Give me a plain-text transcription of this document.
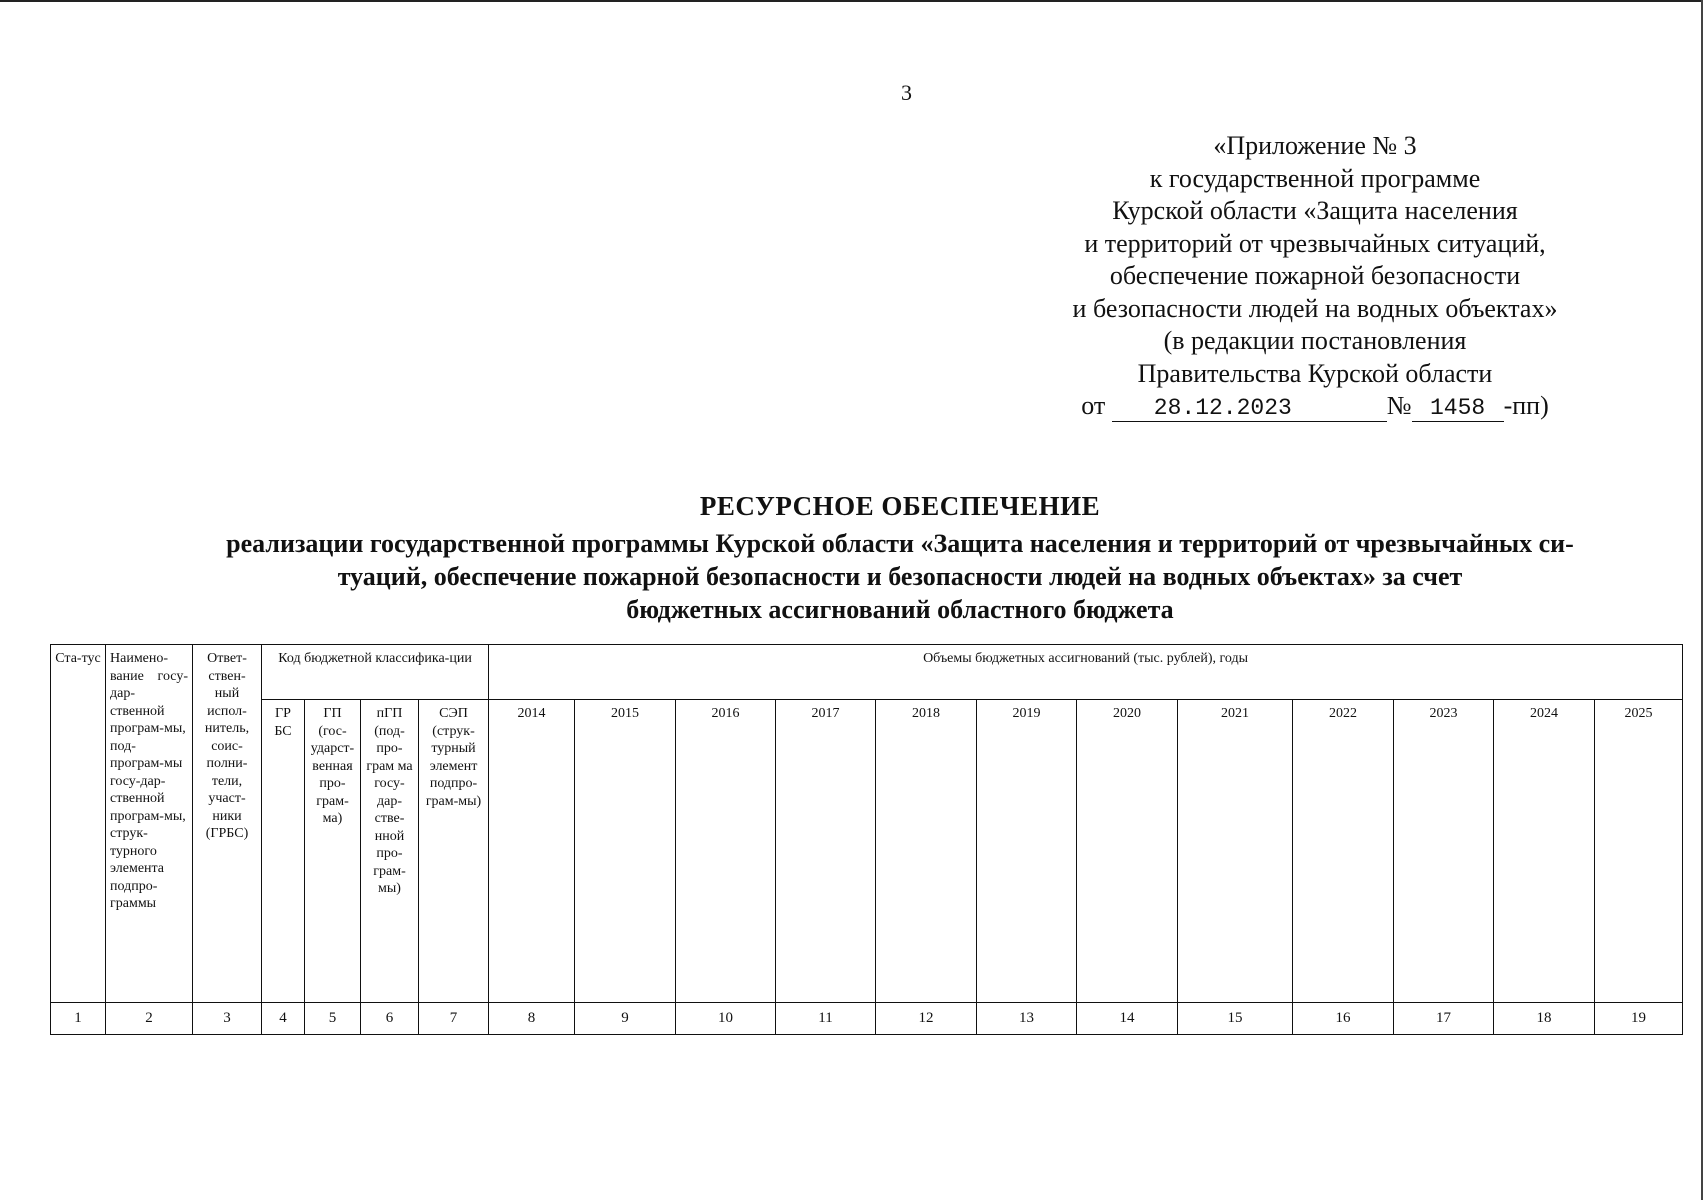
3
«Приложение № 3
к государственной программе
Курской области «Защита населения
и территорий от чрезвычайных ситуаций,
обеспечение пожарной безопасности
и безопасности людей на водных объектах»
(в редакции постановления
Правительства Курской области
от 28.12.2023	№ 1458 -пп)
РЕСУРСНОЕ ОБЕСПЕЧЕНИЕ
реализации государственной программы Курской области «Защита населения и территорий от чрезвычайных си-
туаций, обеспечение пожарной безопасности и безопасности людей на водных объектах» за счет
бюджетных ассигнований областного бюджета
Ста-тус	Наимено-вание госу-дар-ственной програм-мы, под-програм-мы госу-дар-ственной програм-мы, струк-турного элемента подпро-граммы	Ответ-ствен-ный испол-нитель, соис-полни-тели, участ-ники (ГРБС)	Код бюджетной классифика-ции				Объемы бюджетных ассигнований (тыс. рублей), годы											
			ГР БС	ГП (гос-ударст-венная про-грам-ма)	пГП (под-про-грам ма госу-дар-стве-нной про-грам-мы)	СЭП (струк-турный элемент подпро-грам-мы)	2014	2015	2016	2017	2018	2019	2020	2021	2022	2023	2024	2025
1	2	3	4	5	6	7	8	9	10	11	12	13	14	15	16	17	18	19
